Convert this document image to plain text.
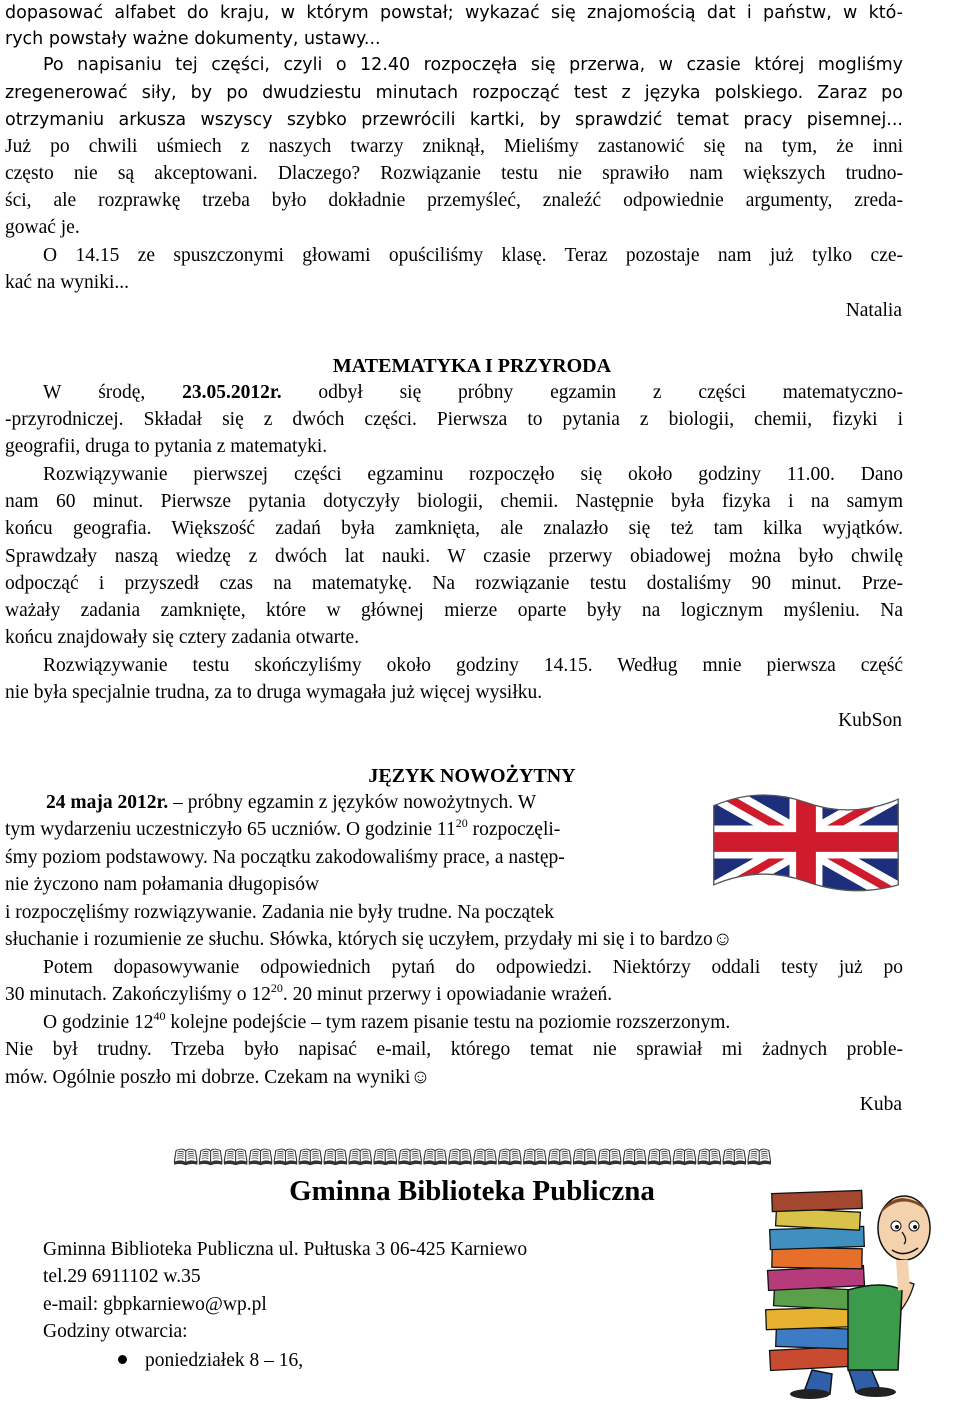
dopasować alfabet do kraju, w którym powstał; wykazać się znajomością dat i państw, w któ-
rych powstały ważne dokumenty, ustawy...
Po napisaniu tej części, czyli o 12.40 rozpoczęła się przerwa, w czasie której mogliśmy
zregenerować siły, by po dwudziestu minutach rozpocząć test z języka polskiego. Zaraz po
otrzymaniu arkusza wszyscy szybko przewrócili kartki, by sprawdzić temat pracy pisemnej...
Już po chwili uśmiech z naszych twarzy zniknął, Mieliśmy zastanowić się na tym, że inni
często nie są akceptowani. Dlaczego? Rozwiązanie testu nie sprawiło nam większych trudno-
ści, ale rozprawkę trzeba było dokładnie przemyśleć, znaleźć odpowiednie argumenty, zreda-
gować je.
O 14.15 ze spuszczonymi głowami opuściliśmy klasę. Teraz pozostaje nam już tylko cze-
kać na wyniki...
Natalia
MATEMATYKA I PRZYRODA
W środę, 23.05.2012r. odbył się próbny egzamin z części matematyczno-
-przyrodniczej. Składał się z dwóch części. Pierwsza to pytania z biologii, chemii, fizyki i
geografii, druga to pytania z matematyki.
Rozwiązywanie pierwszej części egzaminu rozpoczęło się około godziny 11.00. Dano
nam 60 minut. Pierwsze pytania dotyczyły biologii, chemii. Następnie była fizyka i na samym
końcu geografia. Większość zadań była zamknięta, ale znalazło się też tam kilka wyjątków.
Sprawdzały naszą wiedzę z dwóch lat nauki. W czasie przerwy obiadowej można było chwilę
odpocząć i przyszedł czas na matematykę. Na rozwiązanie testu dostaliśmy 90 minut. Prze-
ważały zadania zamknięte, które w głównej mierze oparte były na logicznym myśleniu. Na
końcu znajdowały się cztery zadania otwarte.
Rozwiązywanie testu skończyliśmy około godziny 14.15. Według mnie pierwsza część
nie była specjalnie trudna, za to druga wymagała już więcej wysiłku.
KubSon
JĘZYK NOWOŻYTNY
24 maja 2012r. – próbny egzamin z języków nowożytnych. W
tym wydarzeniu uczestniczyło 65 uczniów. O godzinie $11^{20}$ rozpoczęli-
śmy poziom podstawowy. Na początku zakodowaliśmy prace, a następ-
nie życzono nam połamania długopisów
i rozpoczęliśmy rozwiązywanie. Zadania nie były trudne. Na początek
słuchanie i rozumienie ze słuchu. Słówka, których się uczyłem, przydały mi się i to bardzo☺
Potem dopasowywanie odpowiednich pytań do odpowiedzi. Niektórzy oddali testy już po
30 minutach. Zakończyliśmy o $12^{20}$. 20 minut przerwy i opowiadanie wrażeń.
O godzinie $12^{40}$ kolejne podejście – tym razem pisanie testu na poziomie rozszerzonym.
Nie był trudny. Trzeba było napisać e-mail, którego temat nie sprawiał mi żadnych proble-
mów. Ogólnie poszło mi dobrze. Czekam na wyniki☺
Kuba
🕮🕮🕮🕮🕮🕮🕮🕮🕮🕮🕮🕮🕮🕮🕮🕮🕮🕮🕮🕮🕮🕮🕮🕮
Gminna Biblioteka Publiczna
Gminna Biblioteka Publiczna ul. Pułtuska 3 06-425 Karniewo
tel.29 6911102 w.35
e-mail: gbpkarniewo@wp.pl
Godziny otwarcia:
poniedziałek 8 – 16,
